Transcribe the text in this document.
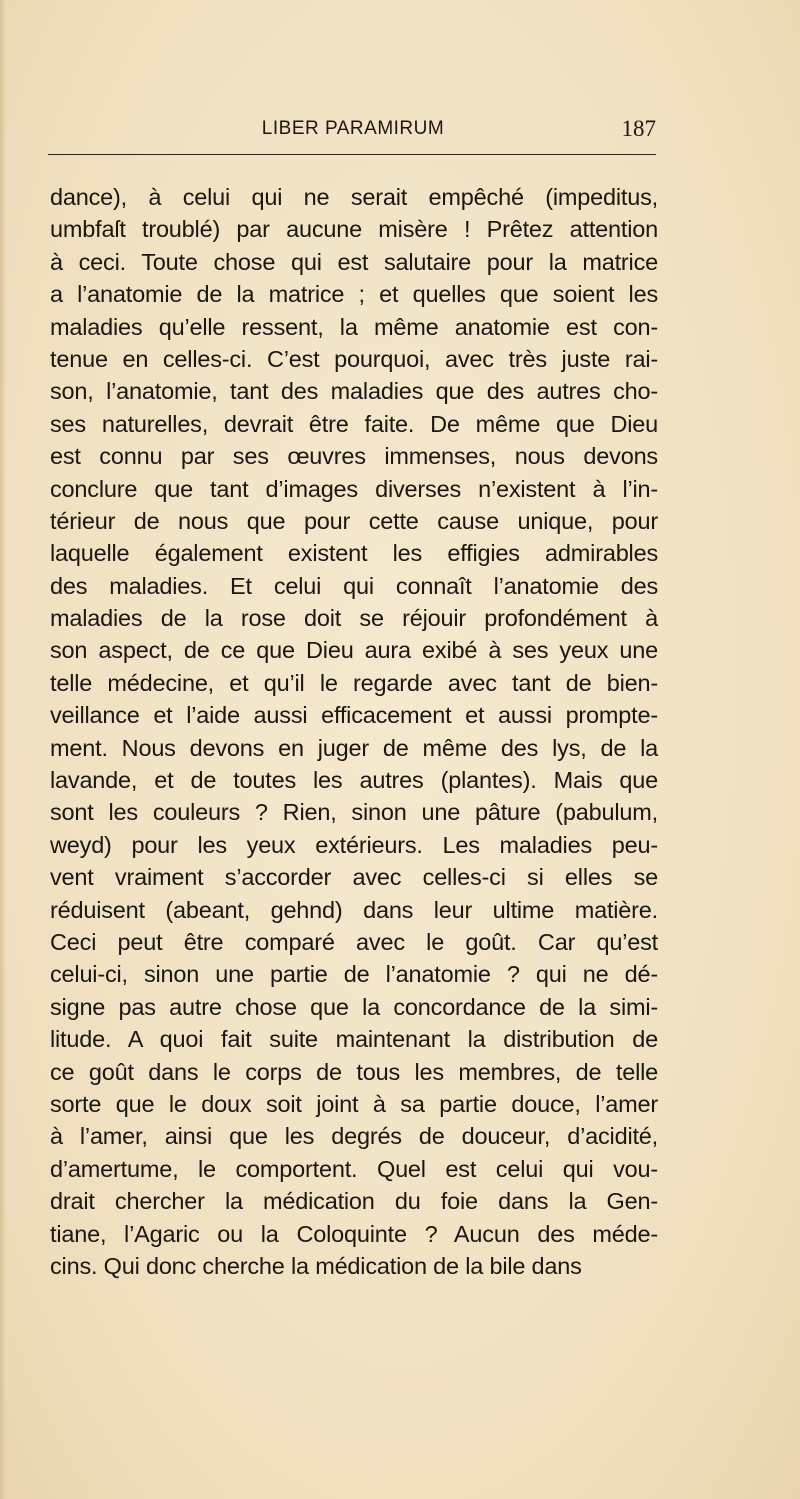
LIBER PARAMIRUM	187
dance), à celui qui ne serait empêché (impeditus,
umbfaſt troublé) par aucune misère ! Prêtez attention
à ceci. Toute chose qui est salutaire pour la matrice
a l’anatomie de la matrice ; et quelles que soient les
maladies qu’elle ressent, la même anatomie est con-
tenue en celles-ci. C’est pourquoi, avec très juste rai-
son, l’anatomie, tant des maladies que des autres cho-
ses naturelles, devrait être faite. De même que Dieu
est connu par ses œuvres immenses, nous devons
conclure que tant d’images diverses n’existent à l’in-
térieur de nous que pour cette cause unique, pour
laquelle également existent les effigies admirables
des maladies. Et celui qui connaît l’anatomie des
maladies de la rose doit se réjouir profondément à
son aspect, de ce que Dieu aura exibé à ses yeux une
telle médecine, et qu’il le regarde avec tant de bien-
veillance et l’aide aussi efficacement et aussi prompte-
ment. Nous devons en juger de même des lys, de la
lavande, et de toutes les autres (plantes). Mais que
sont les couleurs ? Rien, sinon une pâture (pabulum,
weyd) pour les yeux extérieurs. Les maladies peu-
vent vraiment s’accorder avec celles-ci si elles se
réduisent (abeant, gehnd) dans leur ultime matière.
Ceci peut être comparé avec le goût. Car qu’est
celui-ci, sinon une partie de l’anatomie ? qui ne dé-
signe pas autre chose que la concordance de la simi-
litude. A quoi fait suite maintenant la distribution de
ce goût dans le corps de tous les membres, de telle
sorte que le doux soit joint à sa partie douce, l’amer
à l’amer, ainsi que les degrés de douceur, d’acidité,
d’amertume, le comportent. Quel est celui qui vou-
drait chercher la médication du foie dans la Gen-
tiane, l’Agaric ou la Coloquinte ? Aucun des méde-
cins. Qui donc cherche la médication de la bile dans
